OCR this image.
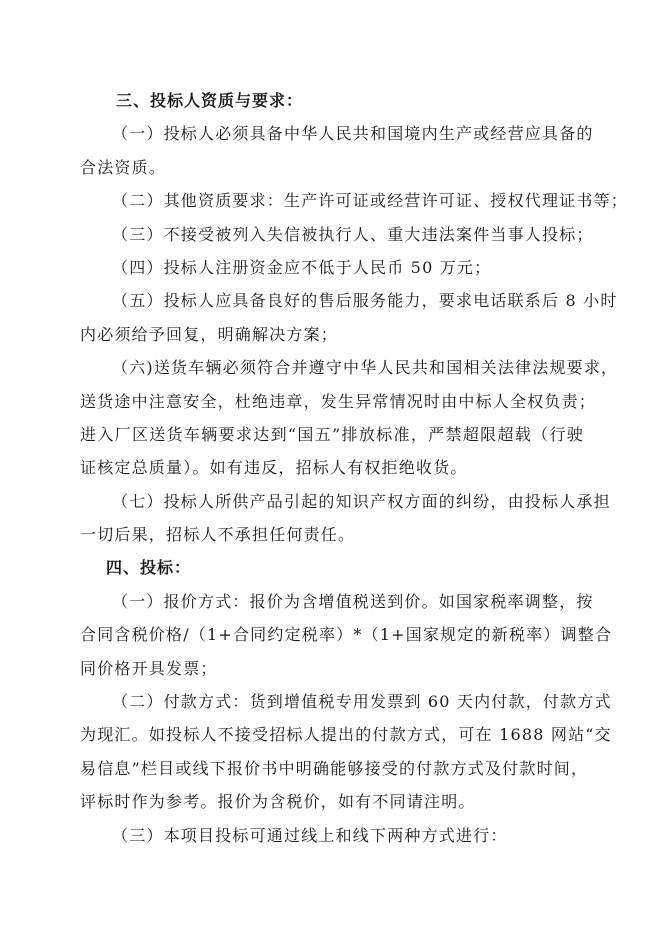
三、投标人资质与要求：
（一）投标人必须具备中华人民共和国境内生产或经营应具备的
合法资质。
（二）其他资质要求：生产许可证或经营许可证、授权代理证书等；
（三）不接受被列入失信被执行人、重大违法案件当事人投标；
（四）投标人注册资金应不低于人民币 50 万元；
（五）投标人应具备良好的售后服务能力，要求电话联系后 8 小时
内必须给予回复，明确解决方案；
（六)送货车辆必须符合并遵守中华人民共和国相关法律法规要求，
送货途中注意安全，杜绝违章，发生异常情况时由中标人全权负责；
进入厂区送货车辆要求达到“国五”排放标准，严禁超限超载（行驶
证核定总质量）。如有违反，招标人有权拒绝收货。
（七）投标人所供产品引起的知识产权方面的纠纷，由投标人承担
一切后果，招标人不承担任何责任。
四、投标：
（一）报价方式：报价为含增值税送到价。如国家税率调整，按
合同含税价格/（1+合同约定税率）*（1+国家规定的新税率）调整合
同价格开具发票；
（二）付款方式：货到增值税专用发票到 60 天内付款，付款方式
为现汇。如投标人不接受招标人提出的付款方式，可在 1688 网站“交
易信息”栏目或线下报价书中明确能够接受的付款方式及付款时间，
评标时作为参考。报价为含税价，如有不同请注明。
（三）本项目投标可通过线上和线下两种方式进行：
